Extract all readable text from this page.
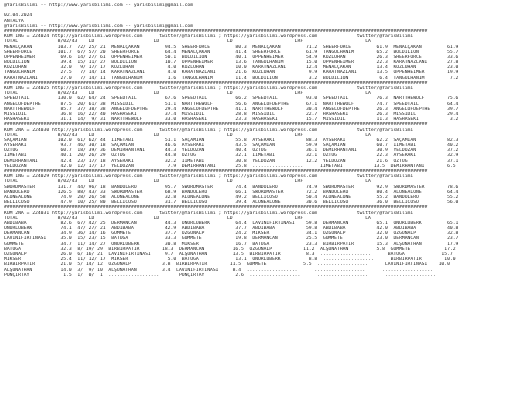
@YarisBilimi -- http://www.yarisbilimi.com -- yarisbilimi@gmail.com
02.04.2024
ANTALYA
@YarisBilimi -- http://www.yarisbilimi.com -- yarisbilimi@gmail.com
######################################################################################################################################################
KUM 1NG = 224024 http://yarisbilimi.wordpress.com      twitter/@YarisBilimi ; https://yarisbilimi.wordpress.com              twitter/@YarisBilimi
TOTAL              8/02/43    LD                     LD                        LD                      LRF                      LA
MENALÇAKAN         103.7  72/ 25/ 21  MENALÇAKAN         94.5  SHEERFORCE         80.3  MENALÇAKAN         71.2  SHEERFORCE         61.9  MENALÇAKAN         61.9
SHEERFORCE         101.7  67/ 57/ 20  SHEERFORCE         64.4  MENALÇAKAN         41.4  SHEERFORCE         61.9  TANGÜLHANIM        65.2  BOLDILION          55.7
OPPENHEIMER         69.6  14/ 27/ 61  OPPENHEIMER        50.1  BOLDILION          40.1  OPPENHEIMER        54.9  KOZLUHAN           26.3  SHEERFORCE         33.6
BOLDILION           39.4  15/ 11/ 27  BOLDILION          10.7  OPPENHEIMER        13.6  TANGÜLHANIM        15.0  OPPENHEIMER        22.3  KARATNAZLANI       27.8
KOZLUHAN            32.0   9/ 17/ 17  KOZLUHAN            4.0  KOZLUHAN           10.0  KARATNAZLANI       12.4  MENALÇAKAN         13.4  KOZLUHAN           23.0
TANGÜLHANIM         27.5   7/ 14/ 14  KARATNAZLANI        4.0  KARATNAZLANI       21.6  KOZLUHAN            9.9  KARATNAZLANI       13.5  OPPENHEIMER        19.9
KARATNAZLANI        27.0   7/ 14/ 11  TANGÜLHANIM         1.6  TANGÜLHANIM        11.4  BOLDILION           3.2  BOLDILION           6.4  TANGÜLHANIM         7.2
######################################################################################################################################################
KUM 1NG = 224025 http://yarisbilimi.wordpress.com      twitter/@YarisBilimi ; https://yarisbilimi.wordpress.com              twitter/@YarisBilimi
TOTAL              8/02/43    LD                     LD                        LD                      LRF                      LA
SPEEDTAIL          130.0  62/ 64/ 24  SPEEDTAIL          67.6  SPEEDTAIL          66.2  SPEEDTAIL          93.0  SPEEDTAIL          76.3  NARTTHEWOLF        75.6
ANGELOFDEPTHE       87.5  20/ 61/ 38  MISSIDİL           51.1  NARTTHEWOLF        56.6  ANGELOFDEPTHE      67.1  NARTTHEWOLF        74.7  SPEEDTAIL          64.4
NARTTHEWOLF         85.7  37/ 38/ 38  ANGELOFDEPTHE      29.4  ANGELOFDEPTHE      41.1  NARTTHEWOLF        30.4  ANGELOFDEPTHE      26.3  ANGELOFDEPTHE      39.7
MISSIDİL            36.8  16/ 22/ 40  HASHASEKİ          37.4  MISSIDİL           28.8  MISSIDİL           22.7  HASHASEKİ          26.3  MISSIDİL           29.4
HASHASEKİ           31.1  14/  9/ 31  NARTTHEWOLF        33.0  HASHASEKİ          23.3  HASHASEKİ          15.7  MISSIDİL           11.3  HASHASEKİ           3.2
######################################################################################################################################################
KUM 2NA = 224030 http://yarisbilimi.wordpress.com      twitter/@YarisBilimi ; https://yarisbilimi.wordpress.com              twitter/@YarisBilimi
TOTAL              8/02/43    LD                     LD                        LD                      LRF                      LA
SAÇAMİAN           102.0  61/ 62/ 44  İİMETABİ           51.1  SAÇAMİAN           55.8  AYSERAKİ           88.3  AYSERAKİ           62.2  SAÇAMİAN           82.3
AYSERAKİ            93.7  46/ 30/ 18  SAÇAMİAN           46.6  AYSERAKİ           43.5  SAÇAMİAN           59.9  SAÇAMİAN           60.7  İİMETABİ           40.2
ÖZTUĞ               60.7  18/ 39/ 36  DEMİRHANTANI       44.3  YELDOZAN           40.4  ÖZTUĞ              36.1  DEMİRHANTANI       30.9  YELDOZAN           37.2
İİMETABİ            40.1  20/ 26/ 29  ÖZTUĞ              44.8  ÖZTUĞ              32.1  İİMETABİ           32.1  ÖZTUĞ              22.3  AYSERAKİ           32.9
DEMİRHANTANI        42.4  23/ 17/ 18  AYSERAKİ           32.2  İİMETABİ           30.8  YELDOZAN           12.2  YELDOZAN           21.6  ÖZTUĞ              37.1
YELDOZAN            42.0  12/ 17/ 17  YELDOZAN            7.9  DEMİRHANTANI       25.8  ..................      İİMETABİ           13.5  DEMİRHANTANI        6.5
######################################################################################################################################################
KUM 1NG = 224029 http://yarisbilimi.wordpress.com      twitter/@YarisBilimi ; https://yarisbilimi.wordpress.com              twitter/@YarisBilimi
TOTAL              8/02/43    LD                     LD                        LD                      LRF                      LA
SWORDMASTER        131.7  44/ 96/ 18  BANDOLERO          95.7  SWORDMASTER        74.4  BANDOLERO          74.9  SWORDMASTER        92.9  SWORDMASTER        78.6
BANDOLERO          126.5  88/ 43/ 33  SWORDMASTER        68.9  BANDOLERO          66.1  SWORDMASTER        72.2  BANDOLERO          80.4  ALONEALONE         64.4
ALONEALONE          74.9  28/ 26/ 58  ALONEALONE         32.8  ALONEALONE         49.2  BELLICOSO          50.4  ALONEALONE         55.2  BANDOLERO          55.2
BELLICOSO           47.9  10/ 25/ 80  BELLICOSO          31.7  BELLICOSO          39.4  ALONEALONE         30.6  BELLICOSO          36.0  BELLICOSO          56.0
######################################################################################################################################################
KUM 2NA = 224031 http://yarisbilimi.wordpress.com      twitter/@YarisBilimi ; https://yarisbilimi.wordpress.com              twitter/@YarisBilimi
TOTAL              8/02/43    LD                     LD                        LD                      LRF                      LA
ABDİBABA            82.6  67/ 42/ 25  DERMANCAN          44.3  ONURLUBERK         64.4  LAVİNİFİRTINASI    59.8  DERMANCAN          65.1  ONURLUBERK         65.1
ONURLUBERK          74.1  47/ 27/ 21  ABDİBABA           42.9  ABDİBABA           37.7  ABDİBABA           59.8  ABDİBABA           42.0  ABDİBABA           40.8
DERMANCAN           34.9  36/ 14/ 16  GÜMMETE            37.7  ÖZGÜNALP           24.2  MİKSER             34.1  ÖZGÜNALP           32.0  ÖZGÜNALP           32.8
LAVİNİFİRTINASI     35.0  15/ 23/ 15  BATUGA             33.3  GÜMMETE            19.8  DERMANCAN          25.5  GÜMMETE            23.0  DERMANCAN          23.7
GÜMMETE             34.7  11/ 14/ 27  ONURLUBERK         30.8  MİKSER             16.7  BATUGA             23.3  BİRBİRPATİR        15.3  ALŞUNATHAN         17.9
BATUGA              32.3  8/ 19/ 29  BİRBİRPATİR        18.3  DERMANCAN          16.5  ÖZGÜNALP           11.2  ALŞUNATHAN          5.8  GÜMMETE            17.2
ÖZGÜNALP            26.0  6/ 16/ 21  LAVİNİFİRTINASI     9.7  ALŞUNATHAN         13.5  BİRBİRPATİR         8.3  ..................      BATUGA             15.7
MİKSER              25.4  11/ 12/ 17  MİKSER              5.0  BATUGA             13.1  ONURLUBERK          8.8  ..................      BİRBİRPATİR        10.0
BİRBİRPATİR         21.0  5/ 14/ 12  ÖZGÜNALP           3.8  BİRBİRPATİR        11.5  GÜMMETE             5.5  ..................      LAVİNİFİRTINASI    10.0
ALŞUNATHAN          14.0  3/  9/ 10  ALŞUNATHAN         3.4  LAVİNİFİRTINASI     8.4  ..................      ..................      ..................
PONÇİRTAY            1.5  1/  0/  1  ..................       PONÇİRTAY           2.6  ..................      ..................      ..................
